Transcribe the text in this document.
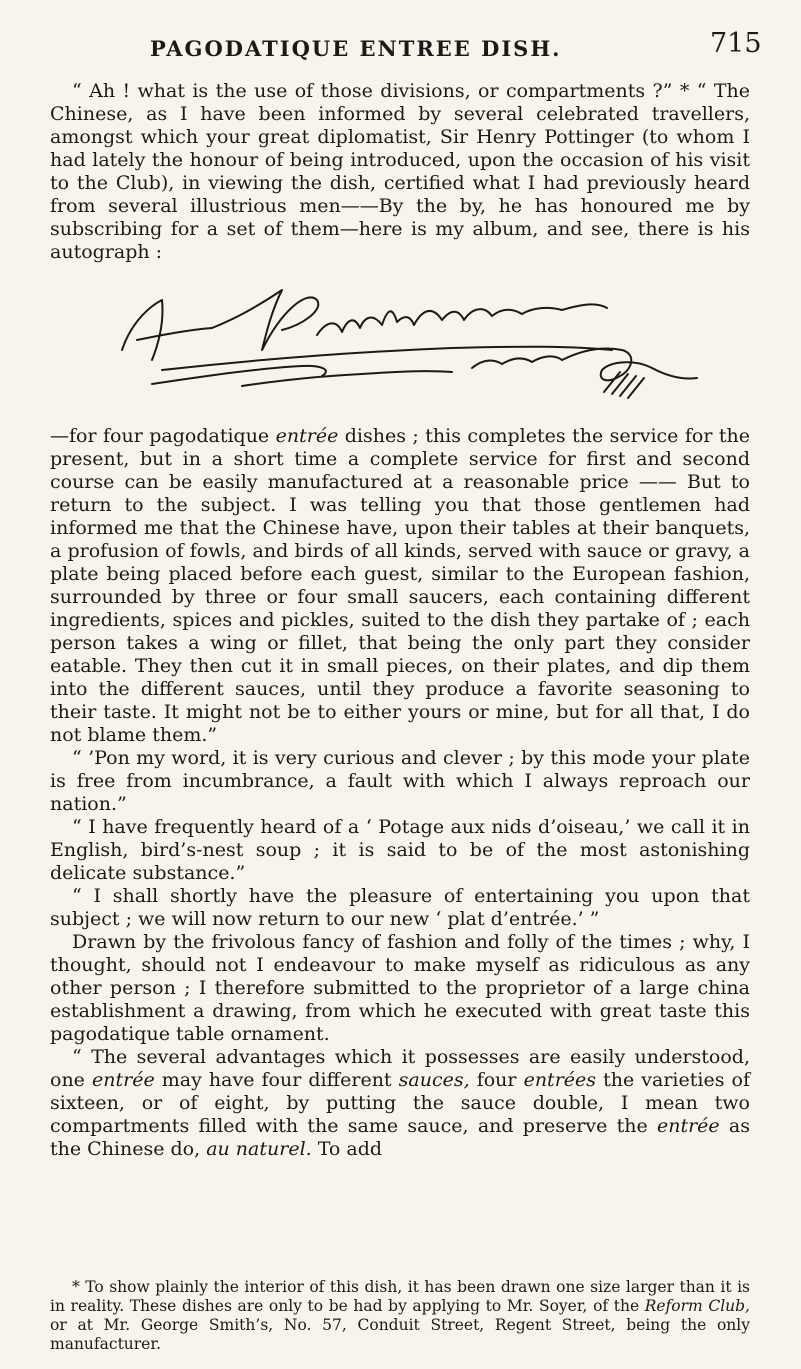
PAGODATIQUE ENTREE DISH.	715

“ Ah ! what is the use of those divisions, or compartments ?” * “ The Chinese, as I have been informed by several celebrated travellers, amongst which your great diplomatist, Sir Henry Pottinger (to whom I had lately the honour of being introduced, upon the occasion of his visit to the Club), in viewing the dish, certified what I had previously heard from several illustrious men——By the by, he has honoured me by subscribing for a set of them—here is my album, and see, there is his autograph :

—for four pagodatique entrée dishes ; this completes the service for the present, but in a short time a complete service for first and second course can be easily manufactured at a reasonable price —— But to return to the subject. I was telling you that those gentlemen had informed me that the Chinese have, upon their tables at their banquets, a profusion of fowls, and birds of all kinds, served with sauce or gravy, a plate being placed before each guest, similar to the European fashion, surrounded by three or four small saucers, each containing different ingredients, spices and pickles, suited to the dish they partake of ; each person takes a wing or fillet, that being the only part they consider eatable. They then cut it in small pieces, on their plates, and dip them into the different sauces, until they produce a favorite seasoning to their taste. It might not be to either yours or mine, but for all that, I do not blame them.”

“ ’Pon my word, it is very curious and clever ; by this mode your plate is free from incumbrance, a fault with which I always reproach our nation.”

“ I have frequently heard of a ‘ Potage aux nids d’oiseau,’ we call it in English, bird’s-nest soup ; it is said to be of the most astonishing delicate substance.”

“ I shall shortly have the pleasure of entertaining you upon that subject ; we will now return to our new ‘ plat d’entrée.’ ”

Drawn by the frivolous fancy of fashion and folly of the times ; why, I thought, should not I endeavour to make myself as ridiculous as any other person ; I therefore submitted to the proprietor of a large china establishment a drawing, from which he executed with great taste this pagodatique table ornament.

“ The several advantages which it possesses are easily understood, one entrée may have four different sauces, four entrées the varieties of sixteen, or of eight, by putting the sauce double, I mean two compartments filled with the same sauce, and preserve the entrée as the Chinese do, au naturel. To add

* To show plainly the interior of this dish, it has been drawn one size larger than it is in reality. These dishes are only to be had by applying to Mr. Soyer, of the Reform Club, or at Mr. George Smith’s, No. 57, Conduit Street, Regent Street, being the only manufacturer.
